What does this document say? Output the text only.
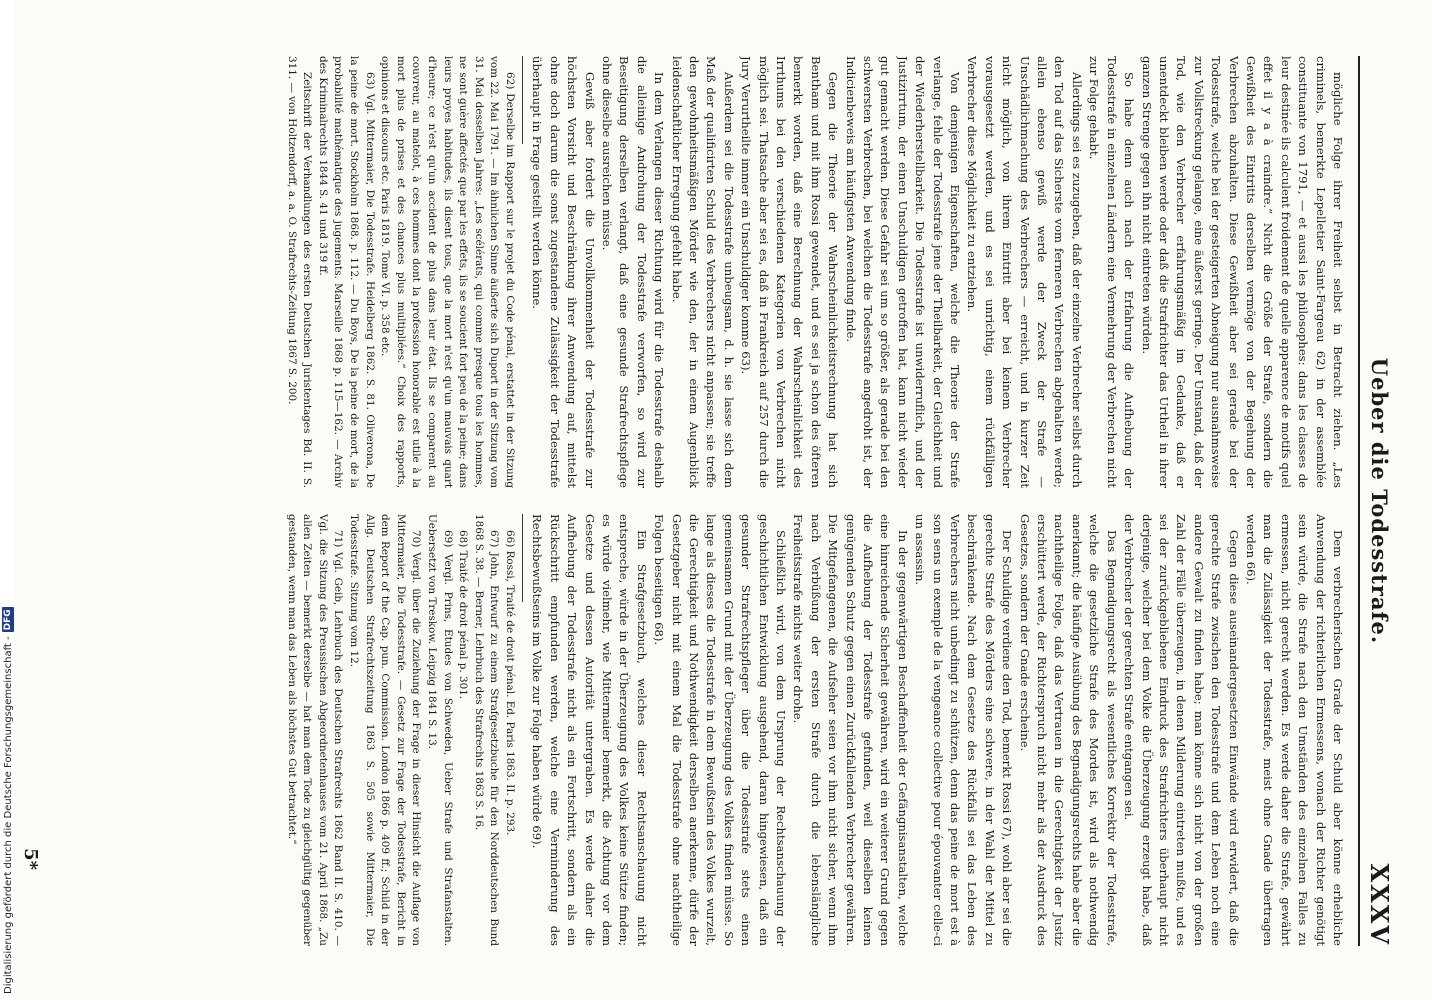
Digitalisierung gefördert durch die Deutsche Forschungsgemeinschaft -DFG	Ueber die Todesstrafe.
XXXV

mögliche Folge ihrer Freiheit selbst in Betracht ziehen. „Les criminels, bemerkte Lepelletier Saint-Fargeau 62) in der assemblée constituante von 1791, — et aussi les philosophes: dans les classes de leur destinée ils calculent froidement de quelle apparence de motifs quel effet il y a à craindre.“ Nicht die Größe der Strafe, sondern die Gewißheit des Eintritts derselben vermöge von der Begehung der Verbrechen abzuhalten. Diese Gewißheit aber sei gerade bei der Todesstrafe, welche bei der gesteigerten Abneigung nur ausnahmsweise zur Vollstreckung gelange, eine äußerst geringe. Der Umstand, daß der Tod, wie den Verbrecher erfahrungsmäßig im Gedanke, daß er unentdeckt bleiben werde oder daß die Strafrichter das Urtheil in ihrer ganzen Strenge gegen ihn nicht eintreten würden.

So habe denn auch nach der Erfahrung die Aufhebung der Todesstrafe in einzelnen Ländern eine Vermehrung der Verbrechen nicht zur Folge gehabt.

Allerdings sei es zuzugeben, daß der einzelne Verbrecher selbst durch den Tod auf das Sicherste vom ferneren Verbrechen abgehalten werde; allein ebenso gewiß werde der Zweck der Strafe — Unschädlichmachung des Verbrechers — erreicht, und in kurzer Zeit nicht möglich, von ihrem Eintritt aber bei keinem Verbrecher vorausgesetzt werden, und es sei unrichtig, einem rückfälligen Verbrecher diese Möglichkeit zu entziehen.

Von demjenigen Eigenschaften, welche die Theorie der Strafe verlange, fehle der Todesstrafe jene der Theilbarkeit, der Gleichheit und der Wiederherstellbarkeit. Die Todesstrafe ist unwiderruflich, und der Justizirrtum, der einen Unschuldigen getroffen hat, kann nicht wieder gut gemacht werden. Diese Gefahr sei um so größer, als gerade bei den schwersten Verbrechen, bei welchen die Todesstrafe angedroht ist, der Indicienbeweis am häufigsten Anwendung finde.

Gegen die Theorie der Wahrscheinlichkeitsrechnung hat sich Bentham und mit ihm Rossi gewendet, und es sei ja schon des öfteren bemerkt worden, daß eine Berechnung der Wahrscheinlichkeit des Irrthums bei den verschiedenen Kategorien von Verbrechen nicht möglich sei. Thatsache aber sei es, daß in Frankreich auf 257 durch die Jury Verurtheilte immer ein Unschuldiger komme 63).

Außerdem sei die Todesstrafe unbeugsam, d. h. sie lasse sich dem Maß der qualificirten Schuld des Verbrechers nicht anpassen; sie treffe den gewohnheitsmäßigen Mörder wie den, der in einem Augenblick leidenschaftlicher Erregung gefehlt habe.

In dem Verlangen dieser Richtung wird für die Todesstrafe deshalb die alleinige Androhung der Todesstrafe verworfen, so wird zur Beseitigung derselben verlangt, daß eine gesunde Strafrechtspflege ohne dieselbe ausreichen müsse.

Gewiß aber fordert die Unvollkommenheit der Todesstrafe zur höchsten Vorsicht und Beschränkung ihrer Anwendung auf, mittelst ohne doch darum die sonst zugestandene Zulässigkeit der Todesstrafe überhaupt in Frage gestellt werden könne.

62) Derselbe im Rapport sur le projet du Code pénal, erstattet in der Sitzung vom 22. Mai 1791. — Im ähnlichen Sinne äußerte sich Duport in der Sitzung vom 31. Mai desselben Jahres: „Les scélérats, qui comme presque tous les hommes, ne sont guère affectés que par les effets, ils se soucient fort peu de la peine; dans leurs proyes habitudes, ils disent tous, que la mort n'est qu'un mauvais quart d'heure; ce n'est qu'un accident de plus dans leur état. Ils se comparent au couvreur, au matelot, à ces hommes dont la profession honorable est utile à la mort plus de prises et des chances plus multipliées.“ Choix des rapports, opinions et discours etc. Paris 1819. Tome VI. p. 358 etc.

63) Vgl. Mittermaier, Die Todesstrafe. Heidelberg 1862. S. 81. Oliverona, De la peine de mort. Stockholm 1868. p. 112. — Du Boys, De la peine de mort, de la probabilité mathématique des jugements. Marseille 1868 p. 115—162. — Archiv des Kriminalrechts 1844 S. 41 und 319 ff.

Zeitschrift der Verhandlungen des ersten Deutschen Juristentages Bd. II. S. 311. — von Holtzendorff, a. a. O. Strafrechts-Zeitung 1867 S. 200.

Dem verbrecherischen Grade der Schuld aber könne erhebliche Anwendung der richterlichen Ermessens, wonach der Richter genötigt sein würde, die Strafe nach den Umständen des einzelnen Falles zu ermessen, nicht gerecht werden. Es werde daher die Strafe, gewährt man die Zulässigkeit der Todesstrafe, meist ohne Gnade übertragen werden 66).

Gegen diese auseinandergesetzten Einwände wird erwidert, daß die gerechte Strafe zwischen den Todesstrafe und dem Leben noch eine andere Gewalt zu finden habe; man könne sich nicht von der großen Zahl der Fälle überzeugen, in denen Milderung eintreten mußte, und es sei der zurückgebliebene Eindruck des Strafrichters überhaupt nicht derjenige, welcher bei dem Volke die Überzeugung erzeugt habe, daß der Verbrecher der gerechten Strafe entgangen sei.

Das Begnadigungsrecht als wesentliches Korrektiv der Todesstrafe, welche die gesetzliche Strafe des Mordes ist, wird als nothwendig anerkannt; die häufige Ausübung des Begnadigungsrechts habe aber die nachtheilige Folge, daß das Vertrauen in die Gerechtigkeit der Justiz erschüttert werde, der Richterspruch nicht mehr als der Ausdruck des Gesetzes, sondern der Gnade erscheine.

Der Schuldige verdiene den Tod, bemerkt Rossi 67), wohl aber sei die gerechte Strafe des Mörders eine schwere, in der Wahl der Mittel zu beschränkende. Nach dem Gesetze des Rückfalls sei das Leben des Verbrechers nicht unbedingt zu schützen, denn das peine de mort est à son sens un exemple de la vengeance collective pour épouvanter celle-ci un assassin.

In der gegenwärtigen Beschaffenheit der Gefängnisanstalten, welche eine hinreichende Sicherheit gewähren, wird ein weiterer Grund gegen die Aufhebung der Todesstrafe gefunden, weil dieselben keinen genügenden Schutz gegen einen Zurückfallenden Verbrecher gewähren. Die Mitgefangenen, die Aufseher seien vor ihm nicht sicher, wenn ihm nach Verbüßung der ersten Strafe durch die lebenslängliche Freiheitsstrafe nichts weiter drohe.

Schließlich wird, von dem Ursprung der Rechtsanschauung der geschichtlichen Entwicklung ausgehend, daran hingewiesen, daß ein gesunder Strafrechtspfleger über die Todesstrafe stets einen gemeinsamen Grund mit der Überzeugung des Volkes finden müsse. So lange als dieses die Todesstrafe in dem Bewußtsein des Volkes wurzelt, die Gerechtigkeit und Nothwendigkeit derselben anerkenne, dürfe der Gesetzgeber nicht mit einem Mal die Todesstrafe ohne nachtheilige Folgen beseitigen 68).

Ein Strafgesetzbuch, welches dieser Rechtsanschauung nicht entspreche, würde in der Überzeugung des Volkes keine Stütze finden; es würde vielmehr, wie Mittermaier bemerkt, die Achtung vor dem Gesetze und dessen Autorität untergraben. Es werde daher die Aufhebung der Todesstrafe nicht als ein Fortschritt, sondern als ein Rückschritt empfunden werden, welche eine Verminderung des Rechtsbewußtseins im Volke zur Folge haben würde 69).

66) Rossi, Traité de droit pénal. Ed. Paris 1863. II. p. 293.

67) John, Entwurf zu einem Strafgesetzbuche für den Norddeutschen Bund 1868 S. 38. — Berner, Lehrbuch des Strafrechts 1863 S. 16.

68) Traité de droit pénal p. 301.

69) Vergl. Prins, Etudes von Schweden, Ueber Strafe und Strafanstalten. Uebersetzt von Treskow. Leipzig 1841 S. 13.

70) Vergl. über die Zuziehung der Frage in dieser Hinsicht die Auflage von Mittermaier, Die Todesstrafe. — Gesetz zur Frage der Todesstrafe, Bericht in dem Report of the Cap. pun. Commission. London 1866 p. 409 ff.; Schild in der Allg. Deutschen Strafrechtszeitung 1863 S. 505 sowie Mittermaier, Die Todesstrafe. Sitzung vom 12.

71) Vgl. Geib, Lehrbuch des Deutschen Strafrechts 1862 Band II. S. 410. — Vgl. die Sitzung des Preussischen Abgeordnetenhauses vom 21. April 1868. „Zu allen Zeiten — bemerkt derselbe — hat man dem Tode zu gleichgültig gegenüber gestanden, wenn man das Leben als höchstes Gut betrachtet.“

5*
